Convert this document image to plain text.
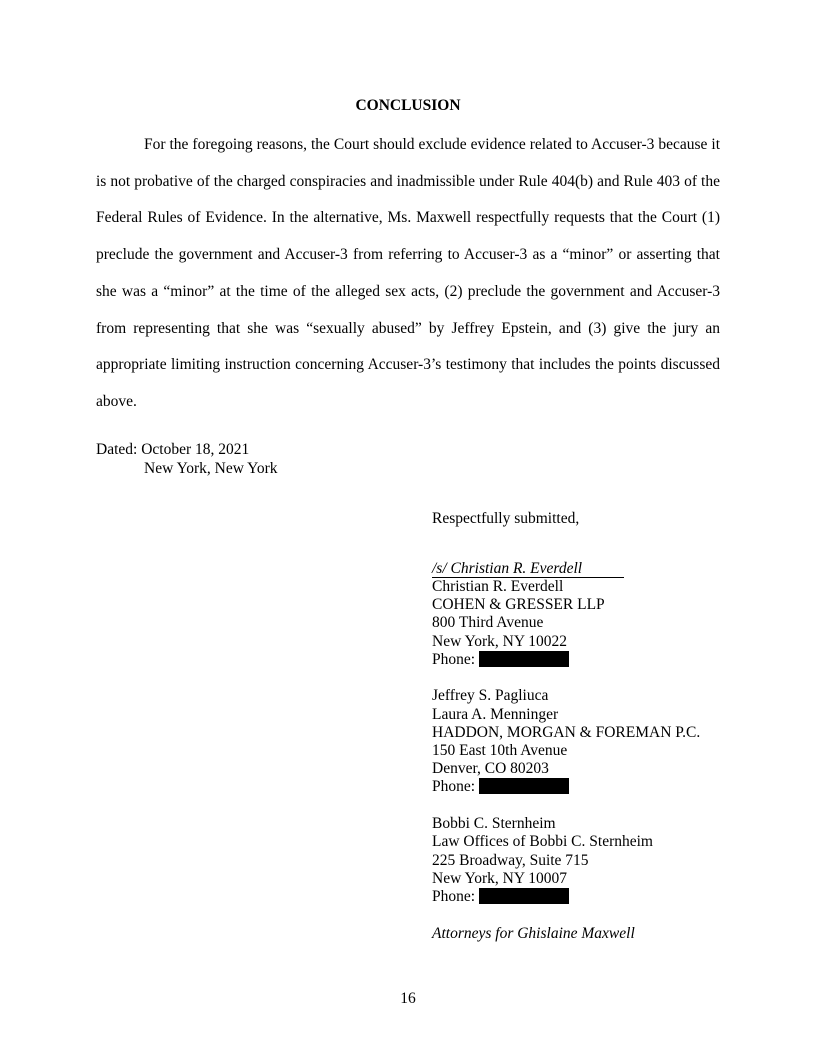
CONCLUSION

For the foregoing reasons, the Court should exclude evidence related to Accuser-3 because it is not probative of the charged conspiracies and inadmissible under Rule 404(b) and Rule 403 of the Federal Rules of Evidence. In the alternative, Ms. Maxwell respectfully requests that the Court (1) preclude the government and Accuser-3 from referring to Accuser-3 as a “minor” or asserting that she was a “minor” at the time of the alleged sex acts, (2) preclude the government and Accuser-3 from representing that she was “sexually abused” by Jeffrey Epstein, and (3) give the jury an appropriate limiting instruction concerning Accuser-3’s testimony that includes the points discussed above.

Dated: October 18, 2021
New York, New York
Respectfully submitted,
/s/ Christian R. Everdell
Christian R. Everdell
COHEN & GRESSER LLP
800 Third Avenue
New York, NY 10022
Phone:
Jeffrey S. Pagliuca
Laura A. Menninger
HADDON, MORGAN & FOREMAN P.C.
150 East 10th Avenue
Denver, CO 80203
Phone:
Bobbi C. Sternheim
Law Offices of Bobbi C. Sternheim
225 Broadway, Suite 715
New York, NY 10007
Phone:
Attorneys for Ghislaine Maxwell
16
